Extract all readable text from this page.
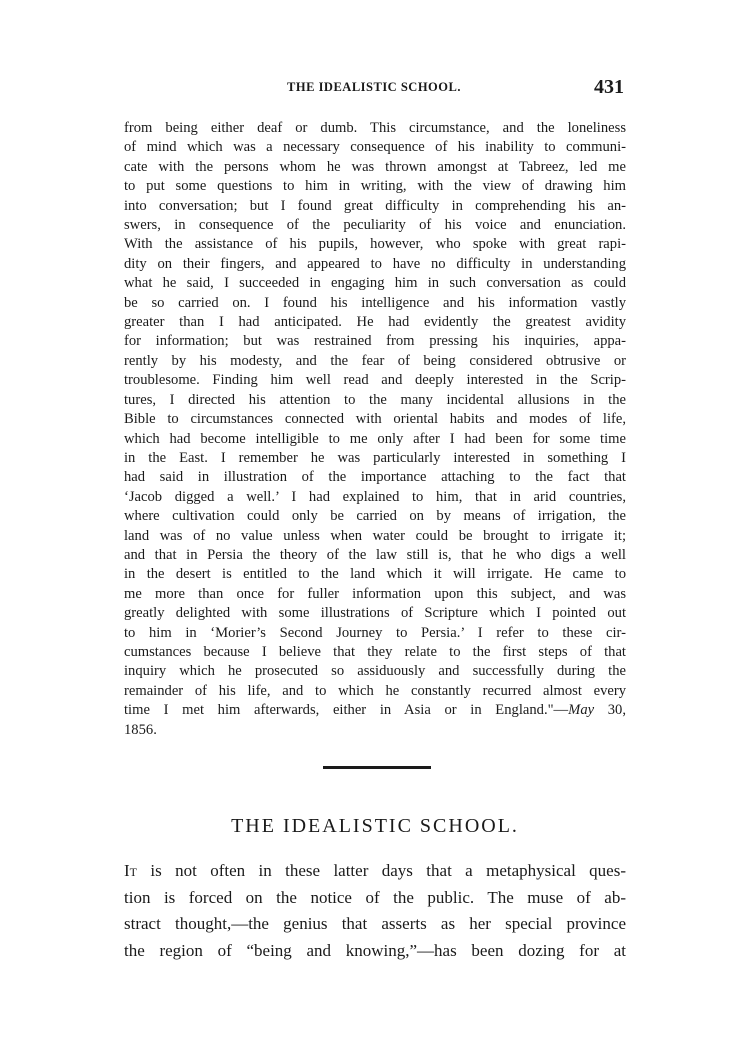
THE IDEALISTIC SCHOOL.	431
from being either deaf or dumb. This circumstance, and the loneliness
of mind which was a necessary consequence of his inability to communi-
cate with the persons whom he was thrown amongst at Tabreez, led me
to put some questions to him in writing, with the view of drawing him
into conversation; but I found great difficulty in comprehending his an-
swers, in consequence of the peculiarity of his voice and enunciation.
With the assistance of his pupils, however, who spoke with great rapi-
dity on their fingers, and appeared to have no difficulty in understanding
what he said, I succeeded in engaging him in such conversation as could
be so carried on. I found his intelligence and his information vastly
greater than I had anticipated. He had evidently the greatest avidity
for information; but was restrained from pressing his inquiries, appa-
rently by his modesty, and the fear of being considered obtrusive or
troublesome. Finding him well read and deeply interested in the Scrip-
tures, I directed his attention to the many incidental allusions in the
Bible to circumstances connected with oriental habits and modes of life,
which had become intelligible to me only after I had been for some time
in the East. I remember he was particularly interested in something I
had said in illustration of the importance attaching to the fact that
‘Jacob digged a well.’ I had explained to him, that in arid countries,
where cultivation could only be carried on by means of irrigation, the
land was of no value unless when water could be brought to irrigate it;
and that in Persia the theory of the law still is, that he who digs a well
in the desert is entitled to the land which it will irrigate. He came to
me more than once for fuller information upon this subject, and was
greatly delighted with some illustrations of Scripture which I pointed out
to him in ‘Morier’s Second Journey to Persia.’ I refer to these cir-
cumstances because I believe that they relate to the first steps of that
inquiry which he prosecuted so assiduously and successfully during the
remainder of his life, and to which he constantly recurred almost every
time I met him afterwards, either in Asia or in England."—May 30,
1856.
THE IDEALISTIC SCHOOL.
It is not often in these latter days that a metaphysical ques-
tion is forced on the notice of the public. The muse of ab-
stract thought,—the genius that asserts as her special province
the region of “being and knowing,”—has been dozing for at
